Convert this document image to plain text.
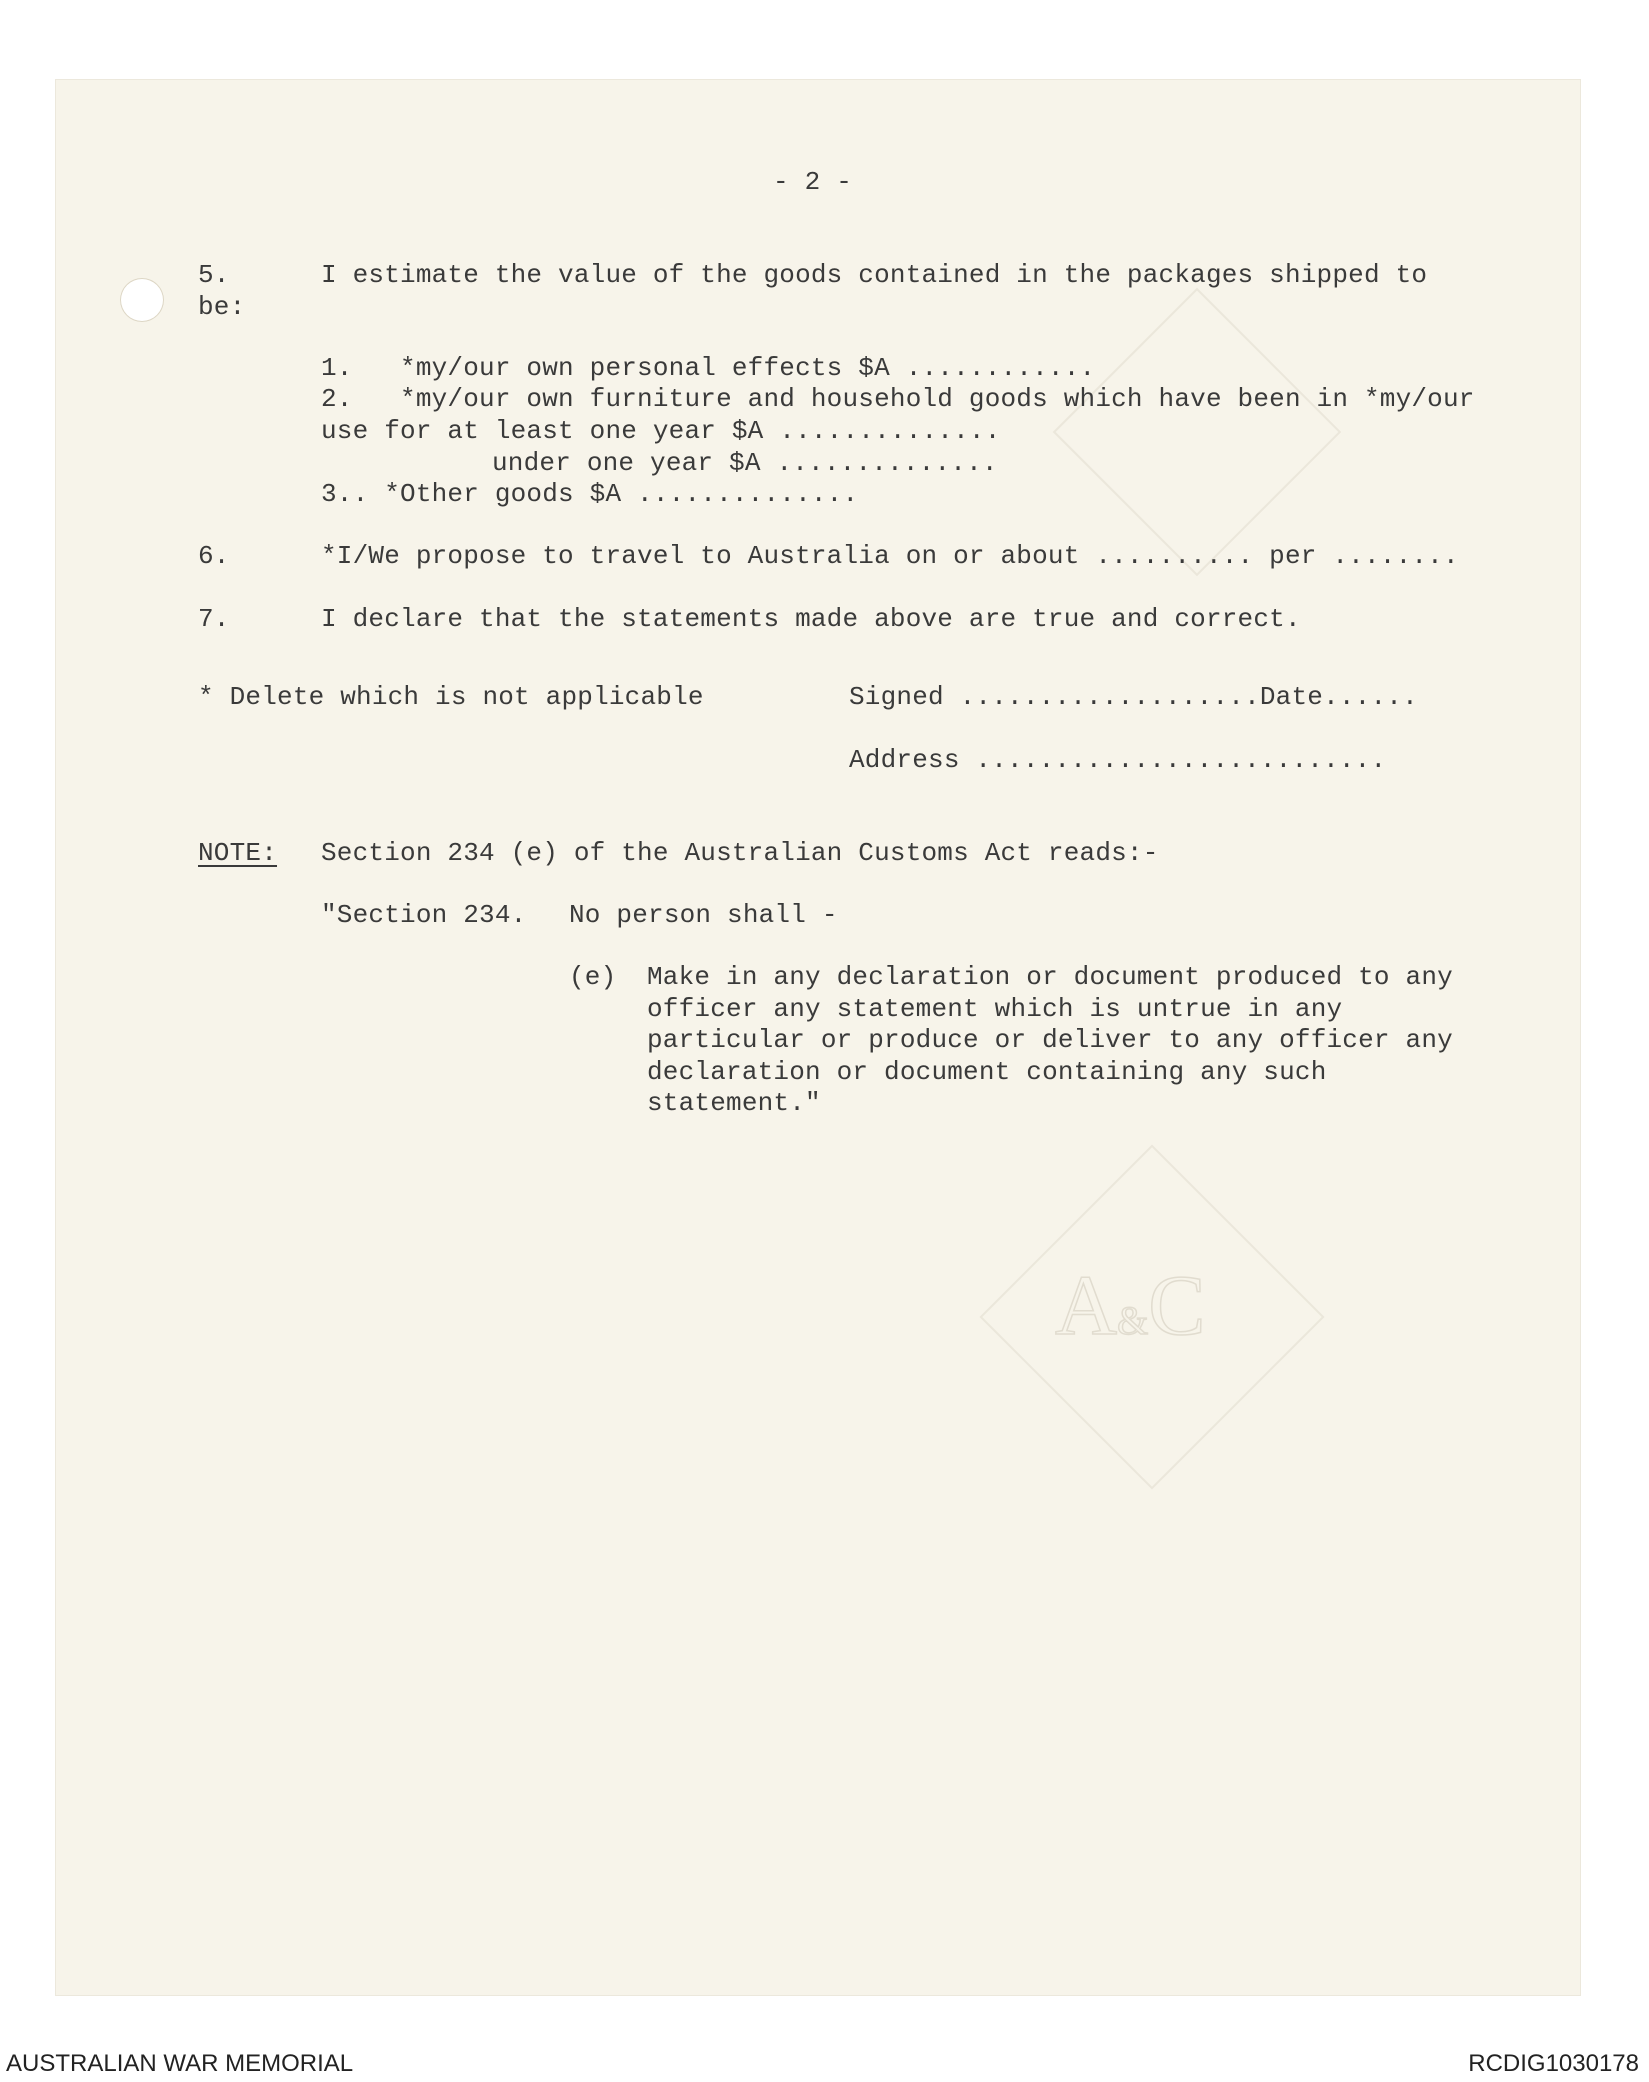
A&C
- 2 -
5.	I estimate the value of the goods contained in the packages shipped to
be:
1.   *my/our own personal effects $A ............
2.   *my/our own furniture and household goods which have been in *my/our
use for at least one year $A ..............
under one year $A ..............
3.. *Other goods $A ..............
6.	*I/We propose to travel to Australia on or about .......... per ........
7.	I declare that the statements made above are true and correct.
* Delete which is not applicable	Signed ...................Date......
Address ..........................
NOTE: Section 234 (e) of the Australian Customs Act reads:-
"Section 234. No person shall -
(e) Make in any declaration or document produced to any
officer any statement which is untrue in any
particular or produce or deliver to any officer any
declaration or document containing any such
statement."
AUSTRALIAN WAR MEMORIAL	RCDIG1030178
